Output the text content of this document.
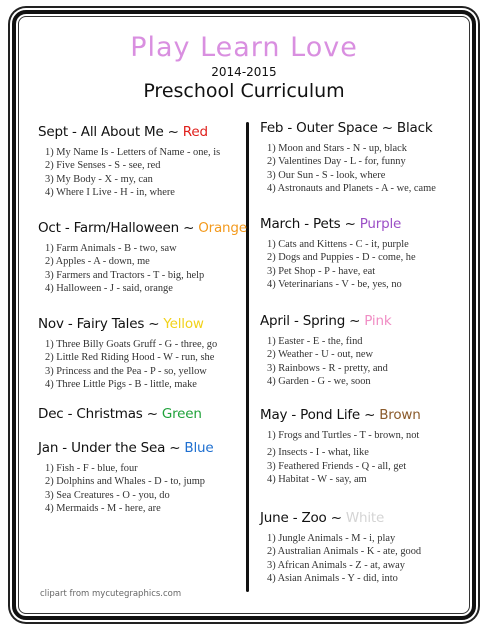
Play Learn Love
2014-2015
Preschool Curriculum
Sept - All About Me ~ Red
1) My Name Is - Letters of Name - one, is
2) Five Senses - S - see, red
3) My Body - X - my, can
4) Where I Live - H - in, where
Oct - Farm/Halloween ~ Orange
1) Farm Animals - B - two, saw
2) Apples - A - down, me
3) Farmers and Tractors - T - big, help
4) Halloween - J - said, orange
Nov - Fairy Tales ~ Yellow
1) Three Billy Goats Gruff - G - three, go
2) Little Red Riding Hood - W - run, she
3) Princess and the Pea - P - so, yellow
4) Three Little Pigs - B - little, make
Dec - Christmas ~ Green
Jan - Under the Sea ~ Blue
1) Fish - F - blue, four
2) Dolphins and Whales - D - to, jump
3) Sea Creatures - O - you, do
4) Mermaids - M - here, are
Feb - Outer Space ~ Black
1) Moon and Stars - N - up, black
2) Valentines Day - L - for, funny
3) Our Sun - S - look, where
4) Astronauts and Planets - A - we, came
March - Pets ~ Purple
1) Cats and Kittens - C - it, purple
2) Dogs and Puppies - D - come, he
3) Pet Shop - P - have, eat
4) Veterinarians - V - be, yes, no
April - Spring ~ Pink
1) Easter - E - the, find
2) Weather - U - out, new
3) Rainbows - R - pretty, and
4) Garden - G - we, soon
May - Pond Life ~ Brown
1) Frogs and Turtles - T - brown, not
2) Insects - I - what, like
3) Feathered Friends - Q - all, get
4) Habitat - W - say, am
June - Zoo ~ White
1) Jungle Animals - M - i, play
2) Australian Animals - K - ate, good
3) African Animals - Z - at, away
4) Asian Animals - Y - did, into
clipart from mycutegraphics.com
